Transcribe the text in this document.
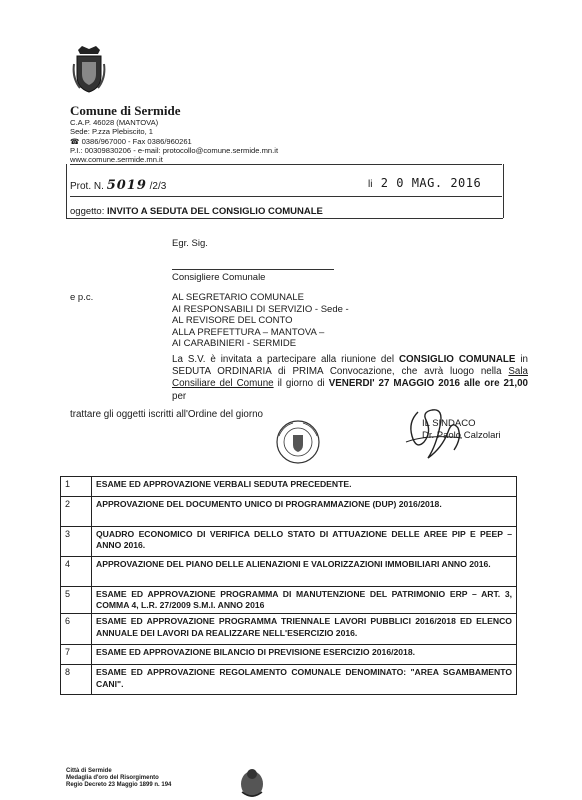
Comune di Sermide
C.A.P. 46028 (MANTOVA)
Sede: P.zza Plebiscito, 1
☎ 0386/967000 - Fax 0386/960261
P.I.: 00309830206 - e-mail: protocollo@comune.sermide.mn.it
www.comune.sermide.mn.it
Prot. N. 5019 /2/3	li 2 0 MAG. 2016
oggetto: INVITO A SEDUTA DEL CONSIGLIO COMUNALE
Egr. Sig.
Consigliere Comunale
e p.c.	AL SEGRETARIO COMUNALE
AI RESPONSABILI DI SERVIZIO - Sede -
AL REVISORE DEL CONTO
ALLA PREFETTURA – MANTOVA –
AI CARABINIERI - SERMIDE
La S.V. è invitata a partecipare alla riunione del CONSIGLIO COMUNALE in SEDUTA ORDINARIA di PRIMA Convocazione, che avrà luogo nella Sala Consiliare del Comune il giorno di VENERDI' 27 MAGGIO 2016 alle ore 21,00 per
trattare gli oggetti iscritti all'Ordine del giorno
IL SINDACO
Dr. Paolo Calzolari
1	ESAME ED APPROVAZIONE VERBALI SEDUTA PRECEDENTE.
2	APPROVAZIONE DEL DOCUMENTO UNICO DI PROGRAMMAZIONE (DUP) 2016/2018.
3	QUADRO ECONOMICO DI VERIFICA DELLO STATO DI ATTUAZIONE DELLE AREE PIP E PEEP – ANNO 2016.
4	APPROVAZIONE DEL PIANO DELLE ALIENAZIONI E VALORIZZAZIONI IMMOBILIARI ANNO 2016.
5	ESAME ED APPROVAZIONE PROGRAMMA DI MANUTENZIONE DEL PATRIMONIO ERP – ART. 3, COMMA 4, L.R. 27/2009 S.M.I. ANNO 2016
6	ESAME ED APPROVAZIONE PROGRAMMA TRIENNALE LAVORI PUBBLICI 2016/2018 ED ELENCO ANNUALE DEI LAVORI DA REALIZZARE NELL'ESERCIZIO 2016.
7	ESAME ED APPROVAZIONE BILANCIO DI PREVISIONE ESERCIZIO 2016/2018.
8	ESAME ED APPROVAZIONE REGOLAMENTO COMUNALE DENOMINATO: "AREA SGAMBAMENTO CANI".
Città di Sermide
Medaglia d'oro del Risorgimento
Regio Decreto 23 Maggio 1899 n. 194
